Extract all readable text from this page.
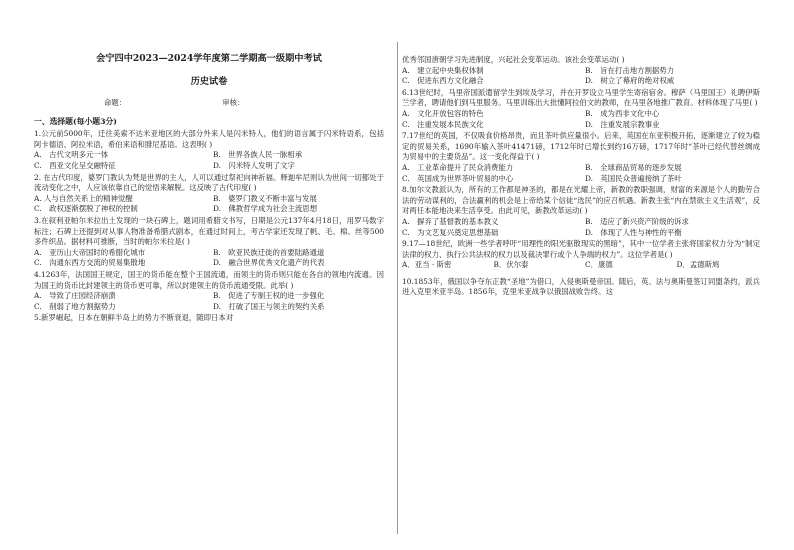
会宁四中2023—2024学年度第二学期高一级期中考试
历史试卷
命题：	审核：
一、选择题(每小题3分)

1.公元前5000年，迁往美索不达米亚地区的大部分外来人是闪米特人，他们的语言属于闪米特语系，包括阿卡德语、阿拉米语，希伯来语和腓尼基语。这表明( )

A.　古代文明多元一体	B.　世界各族人民一脉相承
C.　西亚文化呈交融特征	D.　闪米特人发明了文字

2. 在古代印度，婆罗门教认为梵是世界的主人，人可以通过祭祀向神祈福。释迦牟尼则认为世间一切都处于流动变化之中，人应该依靠自己的觉悟来解脱。这反映了古代印度( )

A. 人与自然关系上的精神觉醒	B.　婆罗门教义不断丰富与发展
C.　政权逐渐摆脱了神权的控制	D.　佛教哲学成为社会主流思想

3.在叙利亚帕尔米拉出土发现的一块石碑上，题词用希腊文书写，日期是公元137年4月18日，用罗马数字标注；石碑上还提到对从事人物准备希腊式剧本，在通过时间上，考古学家还发现了帆、毛、棉、丝等500多件织品。据材料可推断，当时的帕尔米拉是( )

A.　亚历山大帝国时的希腊化城市	B.　欧亚民族迁徙的首要陆路通道
C.　沟通东西方交流的贸易集散地	D.　融合世界优秀文化遗产的代表

4.1263年，法国国王规定，国王的货币能在整个王国流通，而领主的货币则只能在各自的领地内流通。因为国王的货币比封建领主的货币更可靠，所以封建领主的货币流通受限。此举( )

A.　导致了庄园经济崩溃	B.　促进了专制王权的进一步强化
C.　削弱了地方割据势力	D.　打破了国王与领主的契约关系

5.新罗崛起，日本在朝鲜半岛上的势力不断衰退，随即日本对

优秀邻国唐朝学习先进制度，兴起社会变革运动。该社会变革运动( )

A.　建立起中央集权体制	B.　旨在打击地方割据势力
C.　促进东西方文化融合	D.　树立了幕府的绝对权威

6.13世纪时，马里帝国派遣留学生到埃及学习，并在开罗设立马里学生寄宿宿舍。穆萨（马里国王）礼聘伊斯兰学者，聘请他们到马里服务。马里训练出大批懂阿拉伯文的教师，在马里各地推广教育。材料体现了马里( )

A.　文化开放包容的特色	B.　成为西非文化中心
C.　注重发展本民族文化	D.　注重发展宗教事业

7.17世纪的英国，不仅吸食价格昂贵，而且茶叶供应量很小。后来，英国在东亚积极开拓，逐渐建立了较为稳定的贸易关系，1690年输入茶叶41471磅，1712年时已增长到约16万磅，1717年时“茶叶已经代替丝绸成为贸易中的主要货品”。这一变化得益于( )

A.　工业革命提升了民众消费能力	B.　全球商品贸易的逐步发展
C.　英国成为世界茶叶贸易的中心	D.　英国民众普遍接纳了茶叶

8.加尔文教派认为，所有的工作都是神圣的，都是在光耀上帝，新教的教职强调，财富的来源是个人的勤劳合法的劳动谋利的，合法赢利的机会是上帝给某个信徒“选民”的应召机遇。新教主张“内在禁欲主义生活观”，反对两任本能地决来生活享受。由此可见，新教改革运动( )

A.　摒弃了基督教的基本教义	B.　适应了新兴资产阶级的诉求
C.　为文艺复兴奠定思想基础	D.　体现了人性与神性的平衡

9.17—18世纪，欧洲一些学者呼吁“用理性的阳光驱散现实的黑暗”，其中一位学者主张将国家权力分为“制定法律的权力、执行公共法权的权力以及裁决罪行或个人争端的权力”。这位学者是( )

A．亚当 · 斯密	B．伏尔泰	C．康德	D．孟德斯鸠

10.1853年，俄国以争夺东正教“圣地”为借口，入侵奥斯曼帝国。随后，英、法与奥斯曼签订同盟条约，派兵进入克里米亚半岛。1856年，克里米亚战争以俄国战败告终。这
